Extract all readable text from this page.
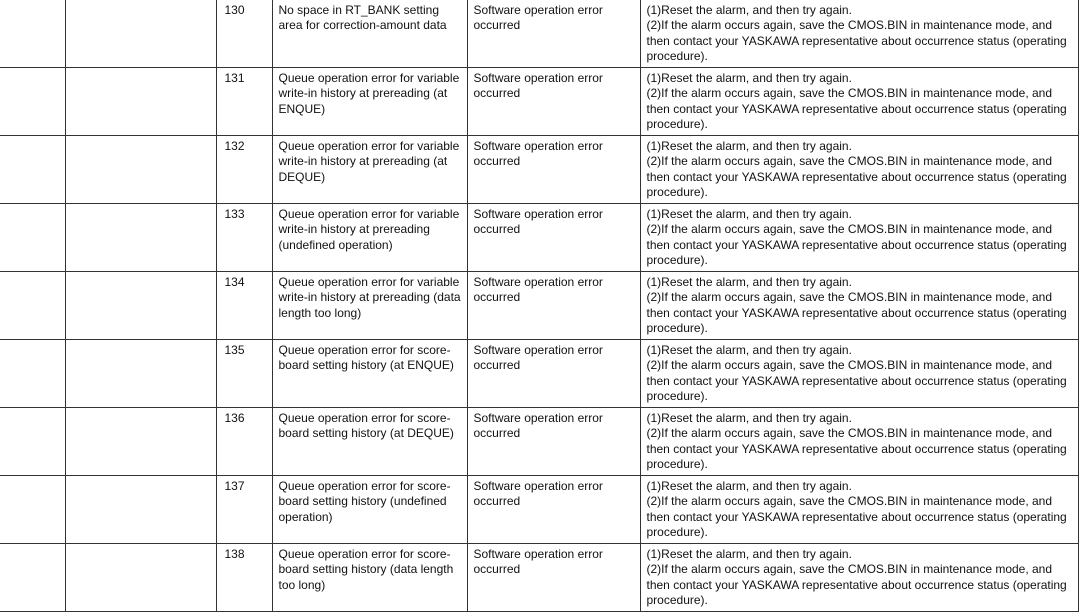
		130	No space in RT_BANK setting area for correction-amount data	Software operation error occurred	(1)Reset the alarm, and then try again.
(2)If the alarm occurs again, save the CMOS.BIN in maintenance mode, and then contact your YASKAWA representative about occurrence status (operating procedure).
		131	Queue operation error for variable write-in history at prereading (at ENQUE)	Software operation error occurred	(1)Reset the alarm, and then try again.
(2)If the alarm occurs again, save the CMOS.BIN in maintenance mode, and then contact your YASKAWA representative about occurrence status (operating procedure).
		132	Queue operation error for variable write-in history at prereading (at DEQUE)	Software operation error occurred	(1)Reset the alarm, and then try again.
(2)If the alarm occurs again, save the CMOS.BIN in maintenance mode, and then contact your YASKAWA representative about occurrence status (operating procedure).
		133	Queue operation error for variable write-in history at prereading (undefined operation)	Software operation error occurred	(1)Reset the alarm, and then try again.
(2)If the alarm occurs again, save the CMOS.BIN in maintenance mode, and then contact your YASKAWA representative about occurrence status (operating procedure).
		134	Queue operation error for variable write-in history at prereading (data length too long)	Software operation error occurred	(1)Reset the alarm, and then try again.
(2)If the alarm occurs again, save the CMOS.BIN in maintenance mode, and then contact your YASKAWA representative about occurrence status (operating procedure).
		135	Queue operation error for score-board setting history (at ENQUE)	Software operation error occurred	(1)Reset the alarm, and then try again.
(2)If the alarm occurs again, save the CMOS.BIN in maintenance mode, and then contact your YASKAWA representative about occurrence status (operating procedure).
		136	Queue operation error for score-board setting history (at DEQUE)	Software operation error occurred	(1)Reset the alarm, and then try again.
(2)If the alarm occurs again, save the CMOS.BIN in maintenance mode, and then contact your YASKAWA representative about occurrence status (operating procedure).
		137	Queue operation error for score-board setting history (undefined operation)	Software operation error occurred	(1)Reset the alarm, and then try again.
(2)If the alarm occurs again, save the CMOS.BIN in maintenance mode, and then contact your YASKAWA representative about occurrence status (operating procedure).
		138	Queue operation error for score-board setting history (data length too long)	Software operation error occurred	(1)Reset the alarm, and then try again.
(2)If the alarm occurs again, save the CMOS.BIN in maintenance mode, and then contact your YASKAWA representative about occurrence status (operating procedure).
